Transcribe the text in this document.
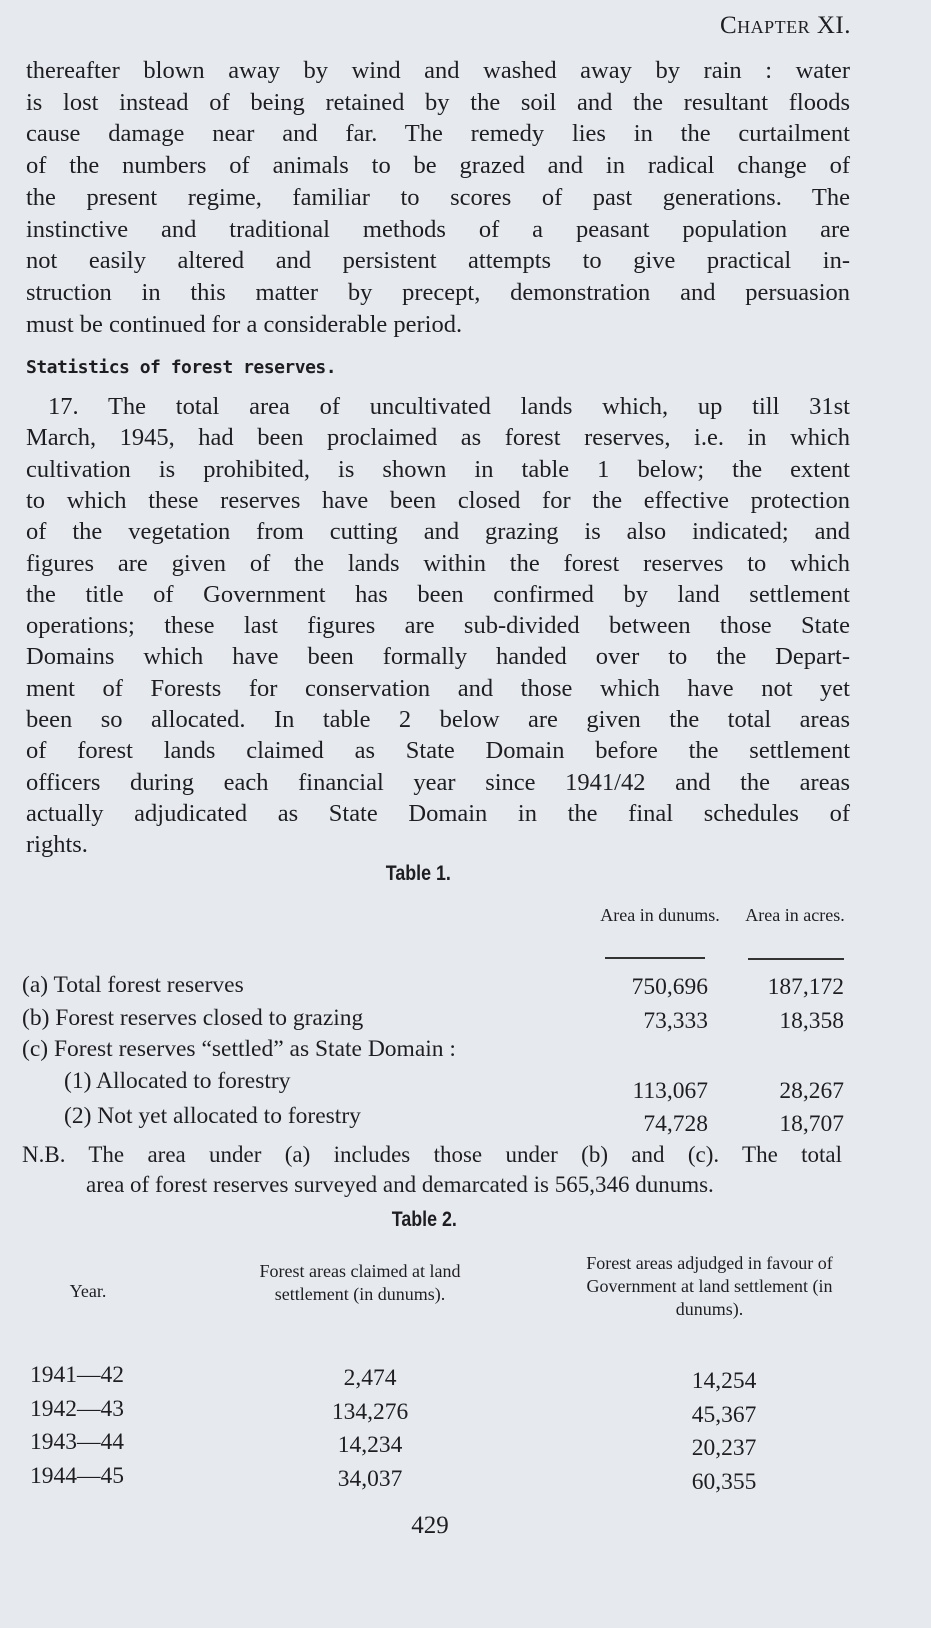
Chapter XI.
thereafter blown away by wind and washed away by rain : water
is lost instead of being retained by the soil and the resultant floods
cause damage near and far. The remedy lies in the curtailment
of the numbers of animals to be grazed and in radical change of
the present regime, familiar to scores of past generations. The
instinctive and traditional methods of a peasant population are
not easily altered and persistent attempts to give practical in-
struction in this matter by precept, demonstration and persuasion
must be continued for a considerable period.
Statistics of forest reserves.
17. The total area of uncultivated lands which, up till 31st
March, 1945, had been proclaimed as forest reserves, i.e. in which
cultivation is prohibited, is shown in table 1 below; the extent
to which these reserves have been closed for the effective protection
of the vegetation from cutting and grazing is also indicated; and
figures are given of the lands within the forest reserves to which
the title of Government has been confirmed by land settlement
operations; these last figures are sub-divided between those State
Domains which have been formally handed over to the Depart-
ment of Forests for conservation and those which have not yet
been so allocated. In table 2 below are given the total areas
of forest lands claimed as State Domain before the settlement
officers during each financial year since 1941/42 and the areas
actually adjudicated as State Domain in the final schedules of
rights.
Table 1.
Area in dunums. Area in acres.
(a) Total forest reserves	750,696	187,172
(b) Forest reserves closed to grazing	73,333	18,358
(c) Forest reserves “settled” as State Domain :
(1) Allocated to forestry	113,067	28,267
(2) Not yet allocated to forestry	74,728	18,707
N.B. The area under (a) includes those under (b) and (c). The total
area of forest reserves surveyed and demarcated is 565,346 dunums.
Table 2.
Year.
Forest areas claimed at land settlement (in dunums).
Forest areas adjudged in favour of Government at land settlement (in dunums).
1941—42	2,474	14,254
1942—43	134,276	45,367
1943—44	14,234	20,237
1944—45	34,037	60,355
429
